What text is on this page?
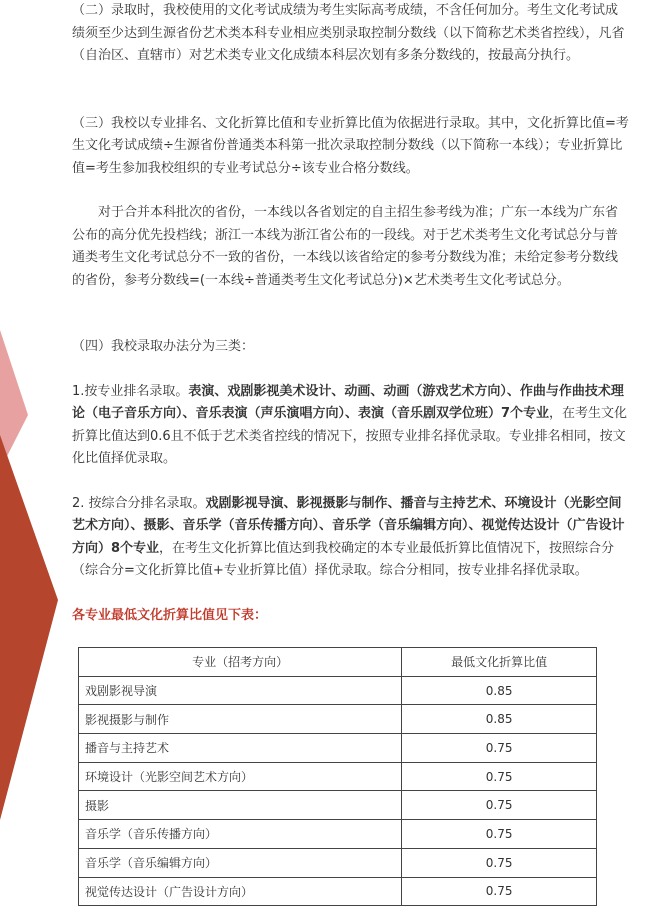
（二）录取时，我校使用的文化考试成绩为考生实际高考成绩，不含任何加分。考生文化考试成绩须至少达到生源省份艺术类本科专业相应类别录取控制分数线（以下简称艺术类省控线），凡省（自治区、直辖市）对艺术类专业文化成绩本科层次划有多条分数线的，按最高分执行。

（三）我校以专业排名、文化折算比值和专业折算比值为依据进行录取。其中，文化折算比值=考生文化考试成绩÷生源省份普通类本科第一批次录取控制分数线（以下简称一本线）；专业折算比值=考生参加我校组织的专业考试总分÷该专业合格分数线。

对于合并本科批次的省份，一本线以各省划定的自主招生参考线为准；广东一本线为广东省公布的高分优先投档线；浙江一本线为浙江省公布的一段线。对于艺术类考生文化考试总分与普通类考生文化考试总分不一致的省份，一本线以该省给定的参考分数线为准；未给定参考分数线的省份，参考分数线=(一本线÷普通类考生文化考试总分)×艺术类考生文化考试总分。

（四）我校录取办法分为三类：

1.按专业排名录取。表演、戏剧影视美术设计、动画、动画（游戏艺术方向）、作曲与作曲技术理论（电子音乐方向）、音乐表演（声乐演唱方向）、表演（音乐剧双学位班）7个专业，在考生文化折算比值达到0.6且不低于艺术类省控线的情况下，按照专业排名择优录取。专业排名相同，按文化比值择优录取。

2. 按综合分排名录取。戏剧影视导演、影视摄影与制作、播音与主持艺术、环境设计（光影空间艺术方向）、摄影、音乐学（音乐传播方向）、音乐学（音乐编辑方向）、视觉传达设计（广告设计方向）8个专业，在考生文化折算比值达到我校确定的本专业最低折算比值情况下，按照综合分（综合分=文化折算比值+专业折算比值）择优录取。综合分相同，按专业排名择优录取。

各专业最低文化折算比值见下表：
专业（招考方向）	最低文化折算比值
戏剧影视导演	0.85
影视摄影与制作	0.85
播音与主持艺术	0.75
环境设计（光影空间艺术方向）	0.75
摄影	0.75
音乐学（音乐传播方向）	0.75
音乐学（音乐编辑方向）	0.75
视觉传达设计（广告设计方向）	0.75
